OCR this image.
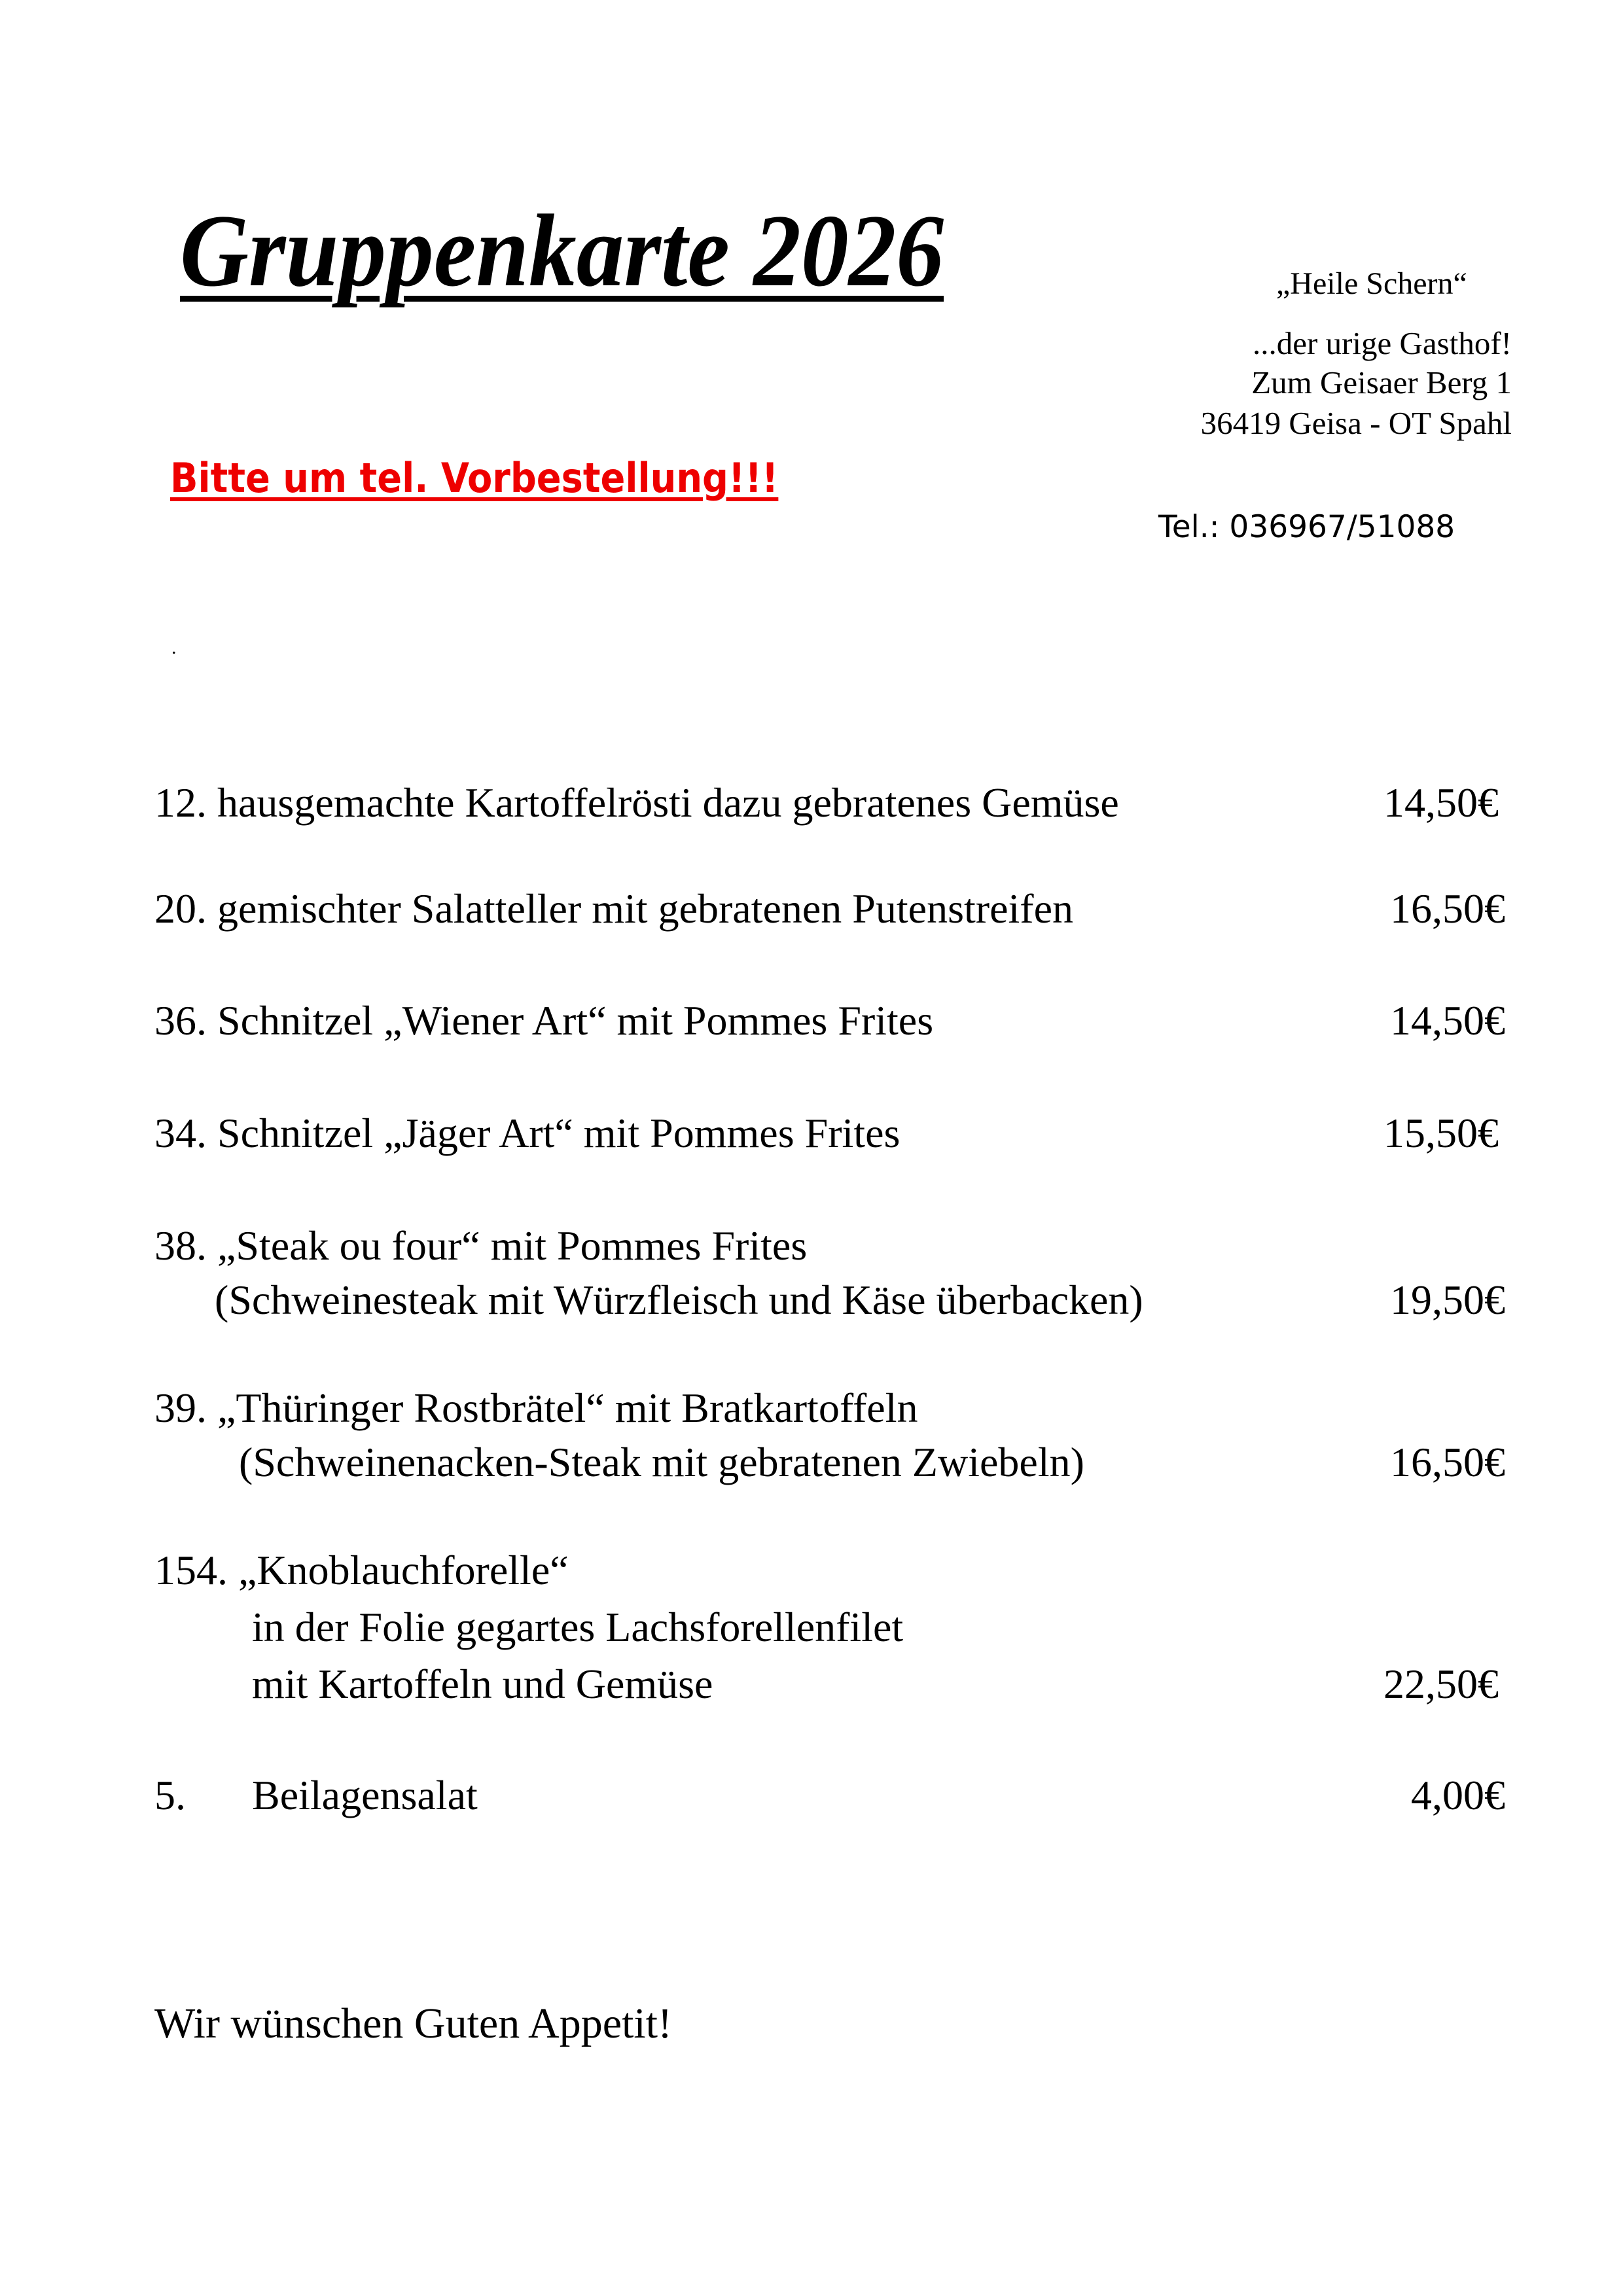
Gruppenkarte 2026	„Heile Schern“
...der urige Gasthof!
Zum Geisaer Berg 1
36419 Geisa - OT Spahl
Tel.: 036967/51088
Bitte um tel. Vorbestellung!!!
.
12. hausgemachte Kartoffelrösti dazu gebratenes Gemüse	14,50€
20. gemischter Salatteller mit gebratenen Putenstreifen	16,50€
36. Schnitzel „Wiener Art“ mit Pommes Frites	14,50€
34. Schnitzel „Jäger Art“ mit Pommes Frites	15,50€
38. „Steak ou four“ mit Pommes Frites
(Schweinesteak mit Würzfleisch und Käse überbacken)	19,50€
39. „Thüringer Rostbrätel“ mit Bratkartoffeln
(Schweinenacken-Steak mit gebratenen Zwiebeln)	16,50€
154. „Knoblauchforelle“
in der Folie gegartes Lachsforellenfilet
mit Kartoffeln und Gemüse	22,50€
5. Beilagensalat	4,00€
Wir wünschen Guten Appetit!
